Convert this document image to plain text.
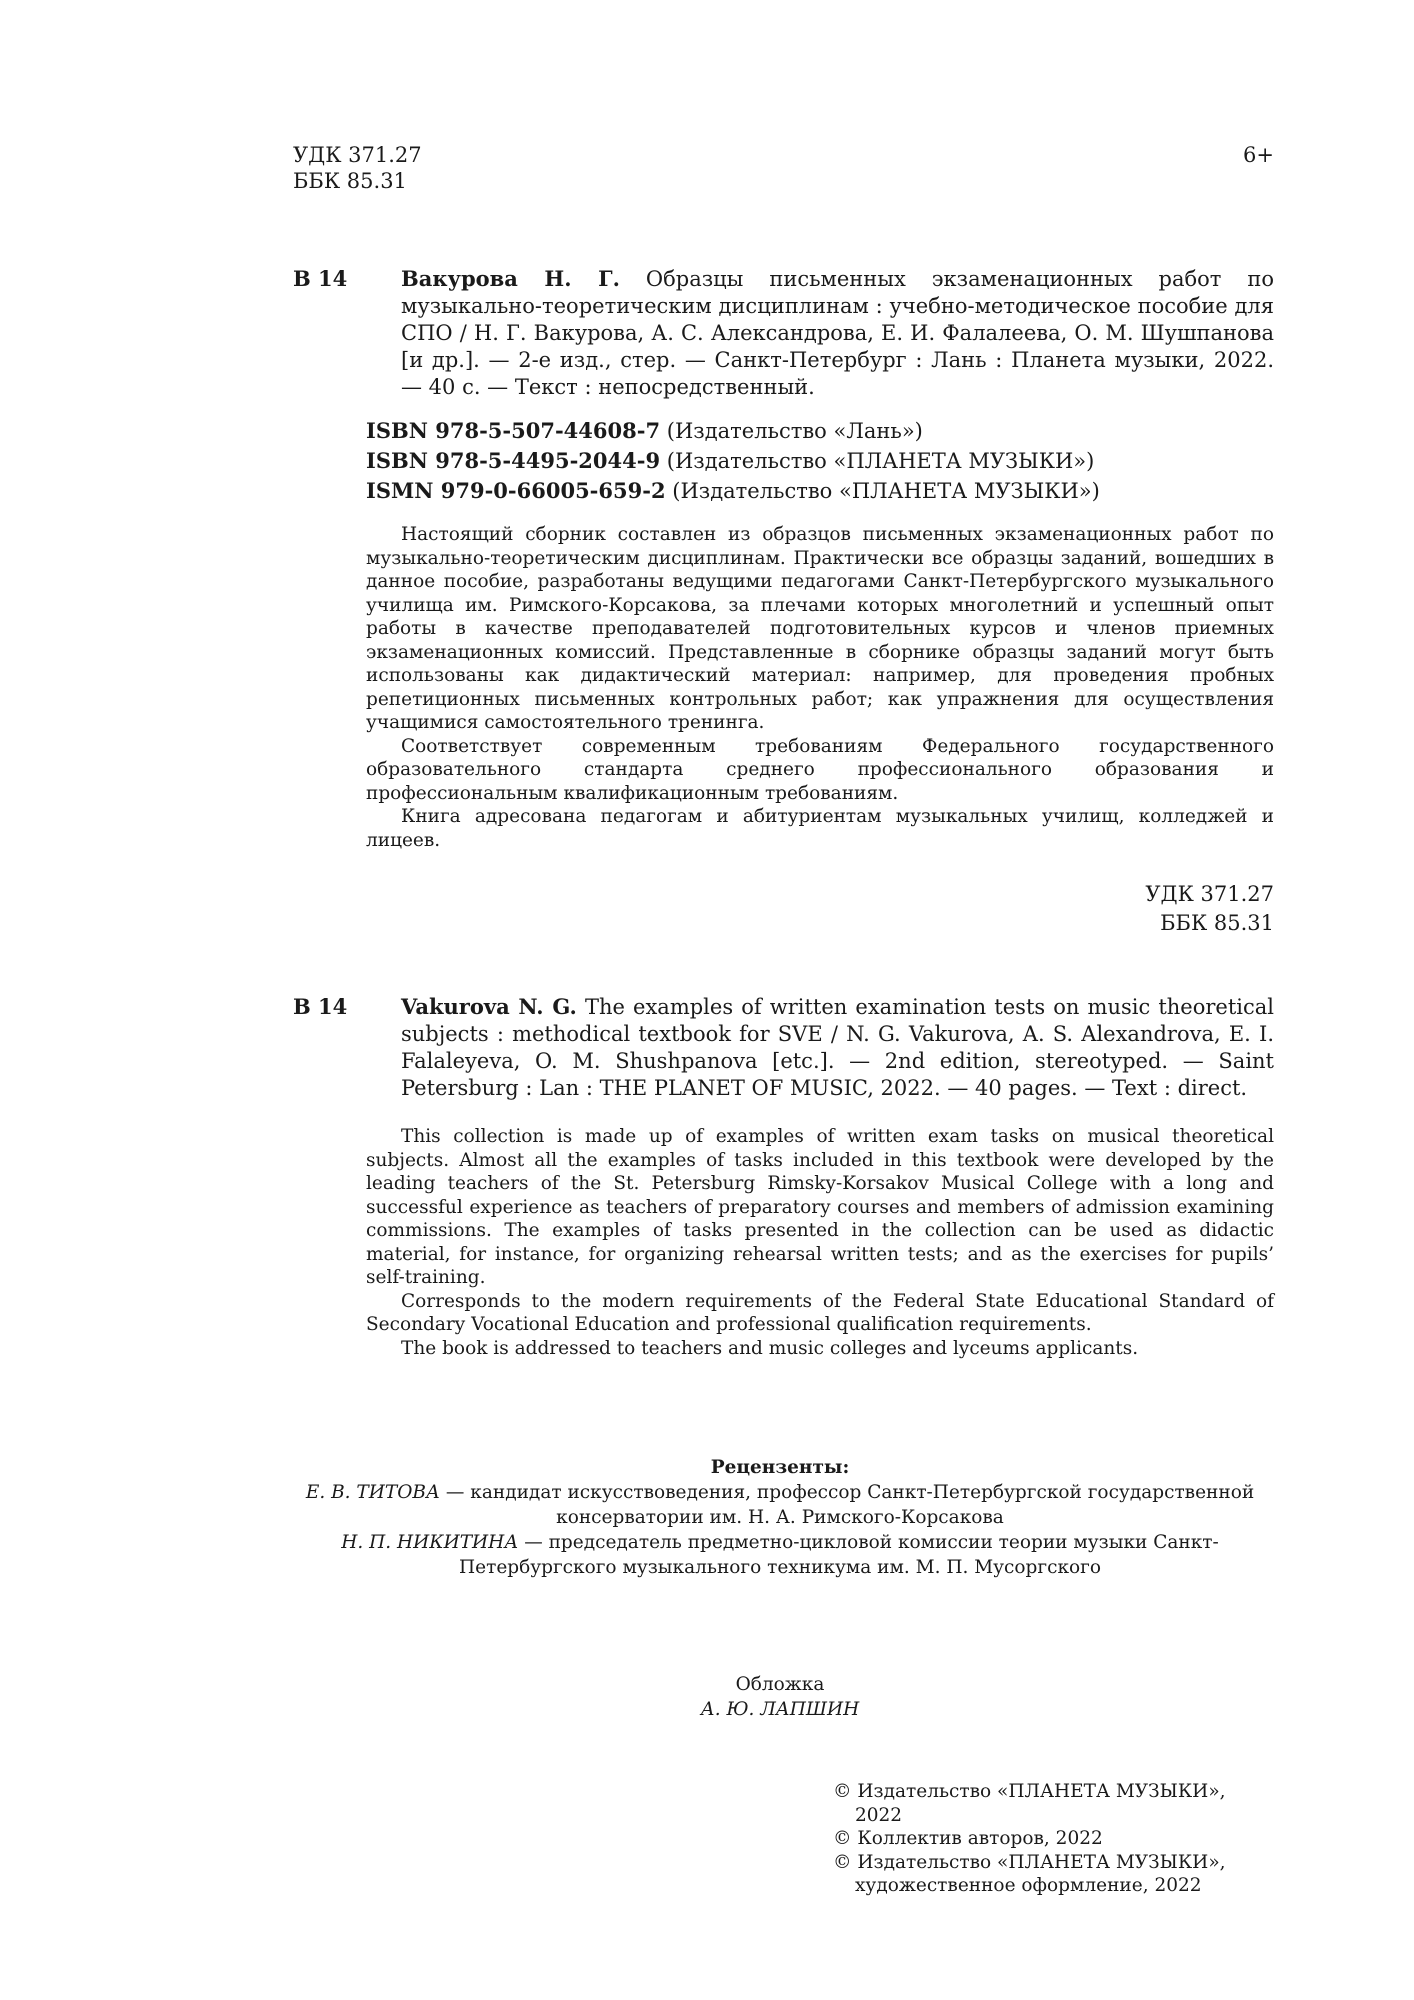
УДК 371.27
ББК 85.31
6+
В 14	Вакурова Н. Г. Образцы письменных экзаменационных работ по музыкально-теоретическим дисциплинам : учебно-методическое пособие для СПО / Н. Г. Вакурова, А. С. Александрова, Е. И. Фалалеева, О. М. Шушпанова [и др.]. — 2-е изд., стер. — Санкт-Петербург : Лань : Планета музыки, 2022. — 40 с. — Текст : непосредственный.
ISBN 978-5-507-44608-7 (Издательство «Лань»)
ISBN 978-5-4495-2044-9 (Издательство «ПЛАНЕТА МУЗЫКИ»)
ISMN 979-0-66005-659-2 (Издательство «ПЛАНЕТА МУЗЫКИ»)

Настоящий сборник составлен из образцов письменных экзаменационных работ по музыкально-теоретическим дисциплинам. Практически все образцы заданий, вошедших в данное пособие, разработаны ведущими педагогами Санкт-Петербургского музыкального училища им. Римского-Корсакова, за плечами которых многолетний и успешный опыт работы в качестве преподавателей подготовительных курсов и членов приемных экзаменационных комиссий. Представленные в сборнике образцы заданий могут быть использованы как дидактический материал: например, для проведения пробных репетиционных письменных контрольных работ; как упражнения для осуществления учащимися самостоятельного тренинга.

Соответствует современным требованиям Федерального государственного образовательного стандарта среднего профессионального образования и профессиональным квалификационным требованиям.

Книга адресована педагогам и абитуриентам музыкальных училищ, колледжей и лицеев.

УДК 371.27
ББК 85.31
В 14	Vakurova N. G. The examples of written examination tests on music theoretical subjects : methodical textbook for SVE / N. G. Vakurova, A. S. Alexandrova, E. I. Falaleyeva, O. M. Shushpanova [etc.]. — 2nd edition, stereotyped. — Saint Petersburg : Lan : THE PLANET OF MUSIC, 2022. — 40 pages. — Text : direct.

This collection is made up of examples of written exam tasks on musical theoretical subjects. Almost all the examples of tasks included in this textbook were developed by the leading teachers of the St. Petersburg Rimsky-Korsakov Musical College with a long and successful experience as teachers of preparatory courses and members of admission examining commissions. The examples of tasks presented in the collection can be used as didactic material, for instance, for organizing rehearsal written tests; and as the exercises for pupils’ self-training.

Corresponds to the modern requirements of the Federal State Educational Standard of Secondary Vocational Education and professional qualification requirements.

The book is addressed to teachers and music colleges and lyceums applicants.

Рецензенты:
Е. В. ТИТОВА — кандидат искусствоведения, профессор Санкт-Петербургской государственной консерватории им. Н. А. Римского-Корсакова
Н. П. НИКИТИНА — председатель предметно-цикловой комиссии теории музыки Санкт-Петербургского музыкального техникума им. М. П. Мусоргского
Обложка
А. Ю. ЛАПШИН
© Издательство «ПЛАНЕТА МУЗЫКИ», 2022
© Коллектив авторов, 2022
© Издательство «ПЛАНЕТА МУЗЫКИ», художественное оформление, 2022
